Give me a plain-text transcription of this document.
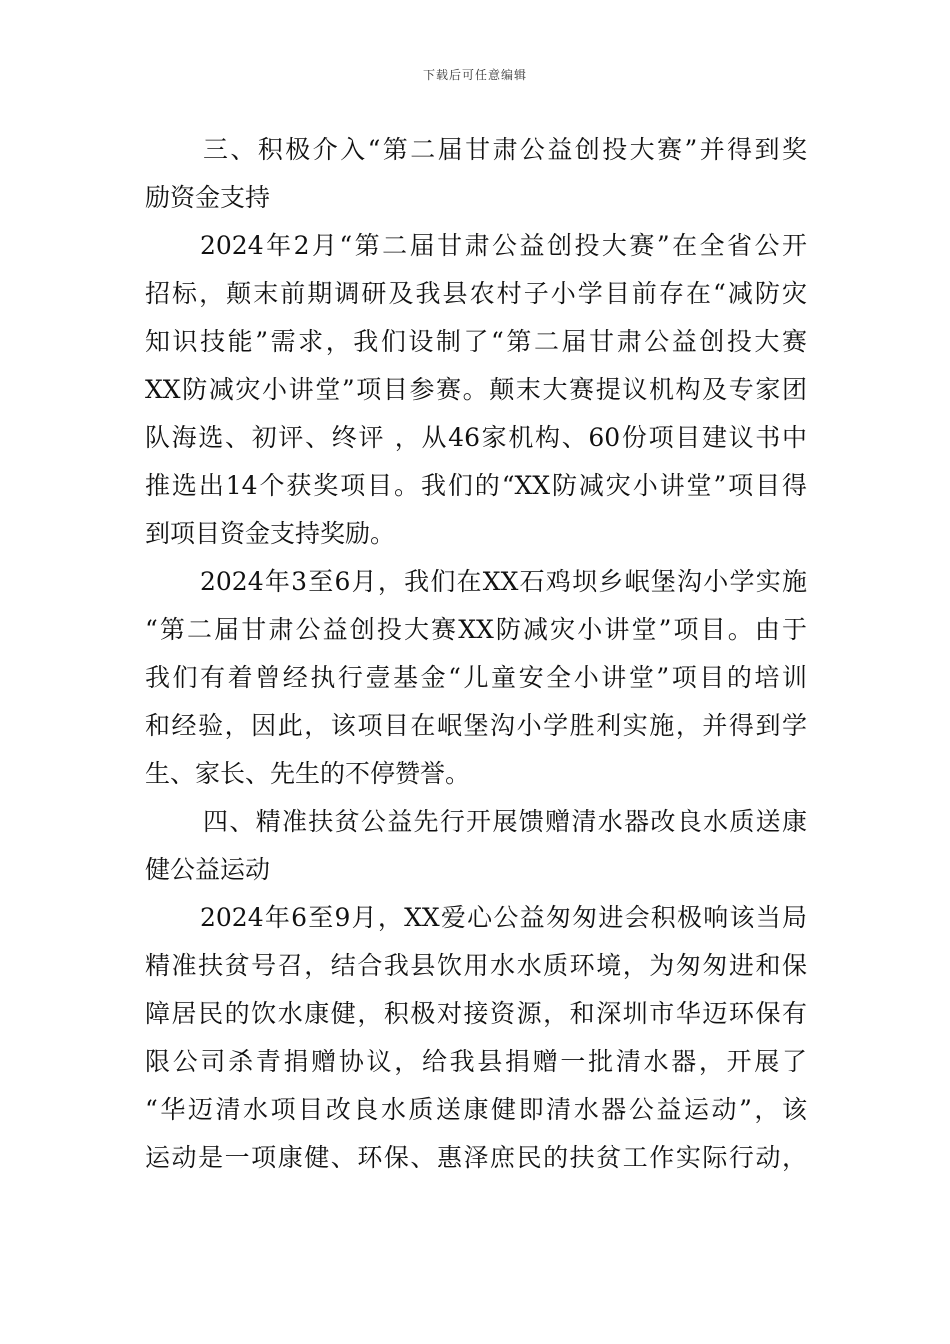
下载后可任意编辑
三、积极介入“第二届甘肃公益创投大赛”并得到奖
励资金支持
2024年2月“第二届甘肃公益创投大赛”在全省公开
招标，颠末前期调研及我县农村子小学目前存在“减防灾
知识技能”需求，我们设制了“第二届甘肃公益创投大赛
XX防减灾小讲堂”项目参赛。颠末大赛提议机构及专家团
队海选、初评、终评 ，从46家机构、60份项目建议书中
推选出14个获奖项目。我们的“XX防减灾小讲堂”项目得
到项目资金支持奖励。
2024年3至6月，我们在XX石鸡坝乡岷堡沟小学实施
“第二届甘肃公益创投大赛XX防减灾小讲堂”项目。由于
我们有着曾经执行壹基金“儿童安全小讲堂”项目的培训
和经验，因此，该项目在岷堡沟小学胜利实施，并得到学
生、家长、先生的不停赞誉。
四、精准扶贫公益先行开展馈赠清水器改良水质送康
健公益运动
2024年6至9月，XX爱心公益匆匆进会积极响该当局
精准扶贫号召，结合我县饮用水水质环境，为匆匆进和保
障居民的饮水康健，积极对接资源，和深圳市华迈环保有
限公司杀青捐赠协议，给我县捐赠一批清水器，开展了
“华迈清水项目改良水质送康健即清水器公益运动”，该
运动是一项康健、环保、惠泽庶民的扶贫工作实际行动，
